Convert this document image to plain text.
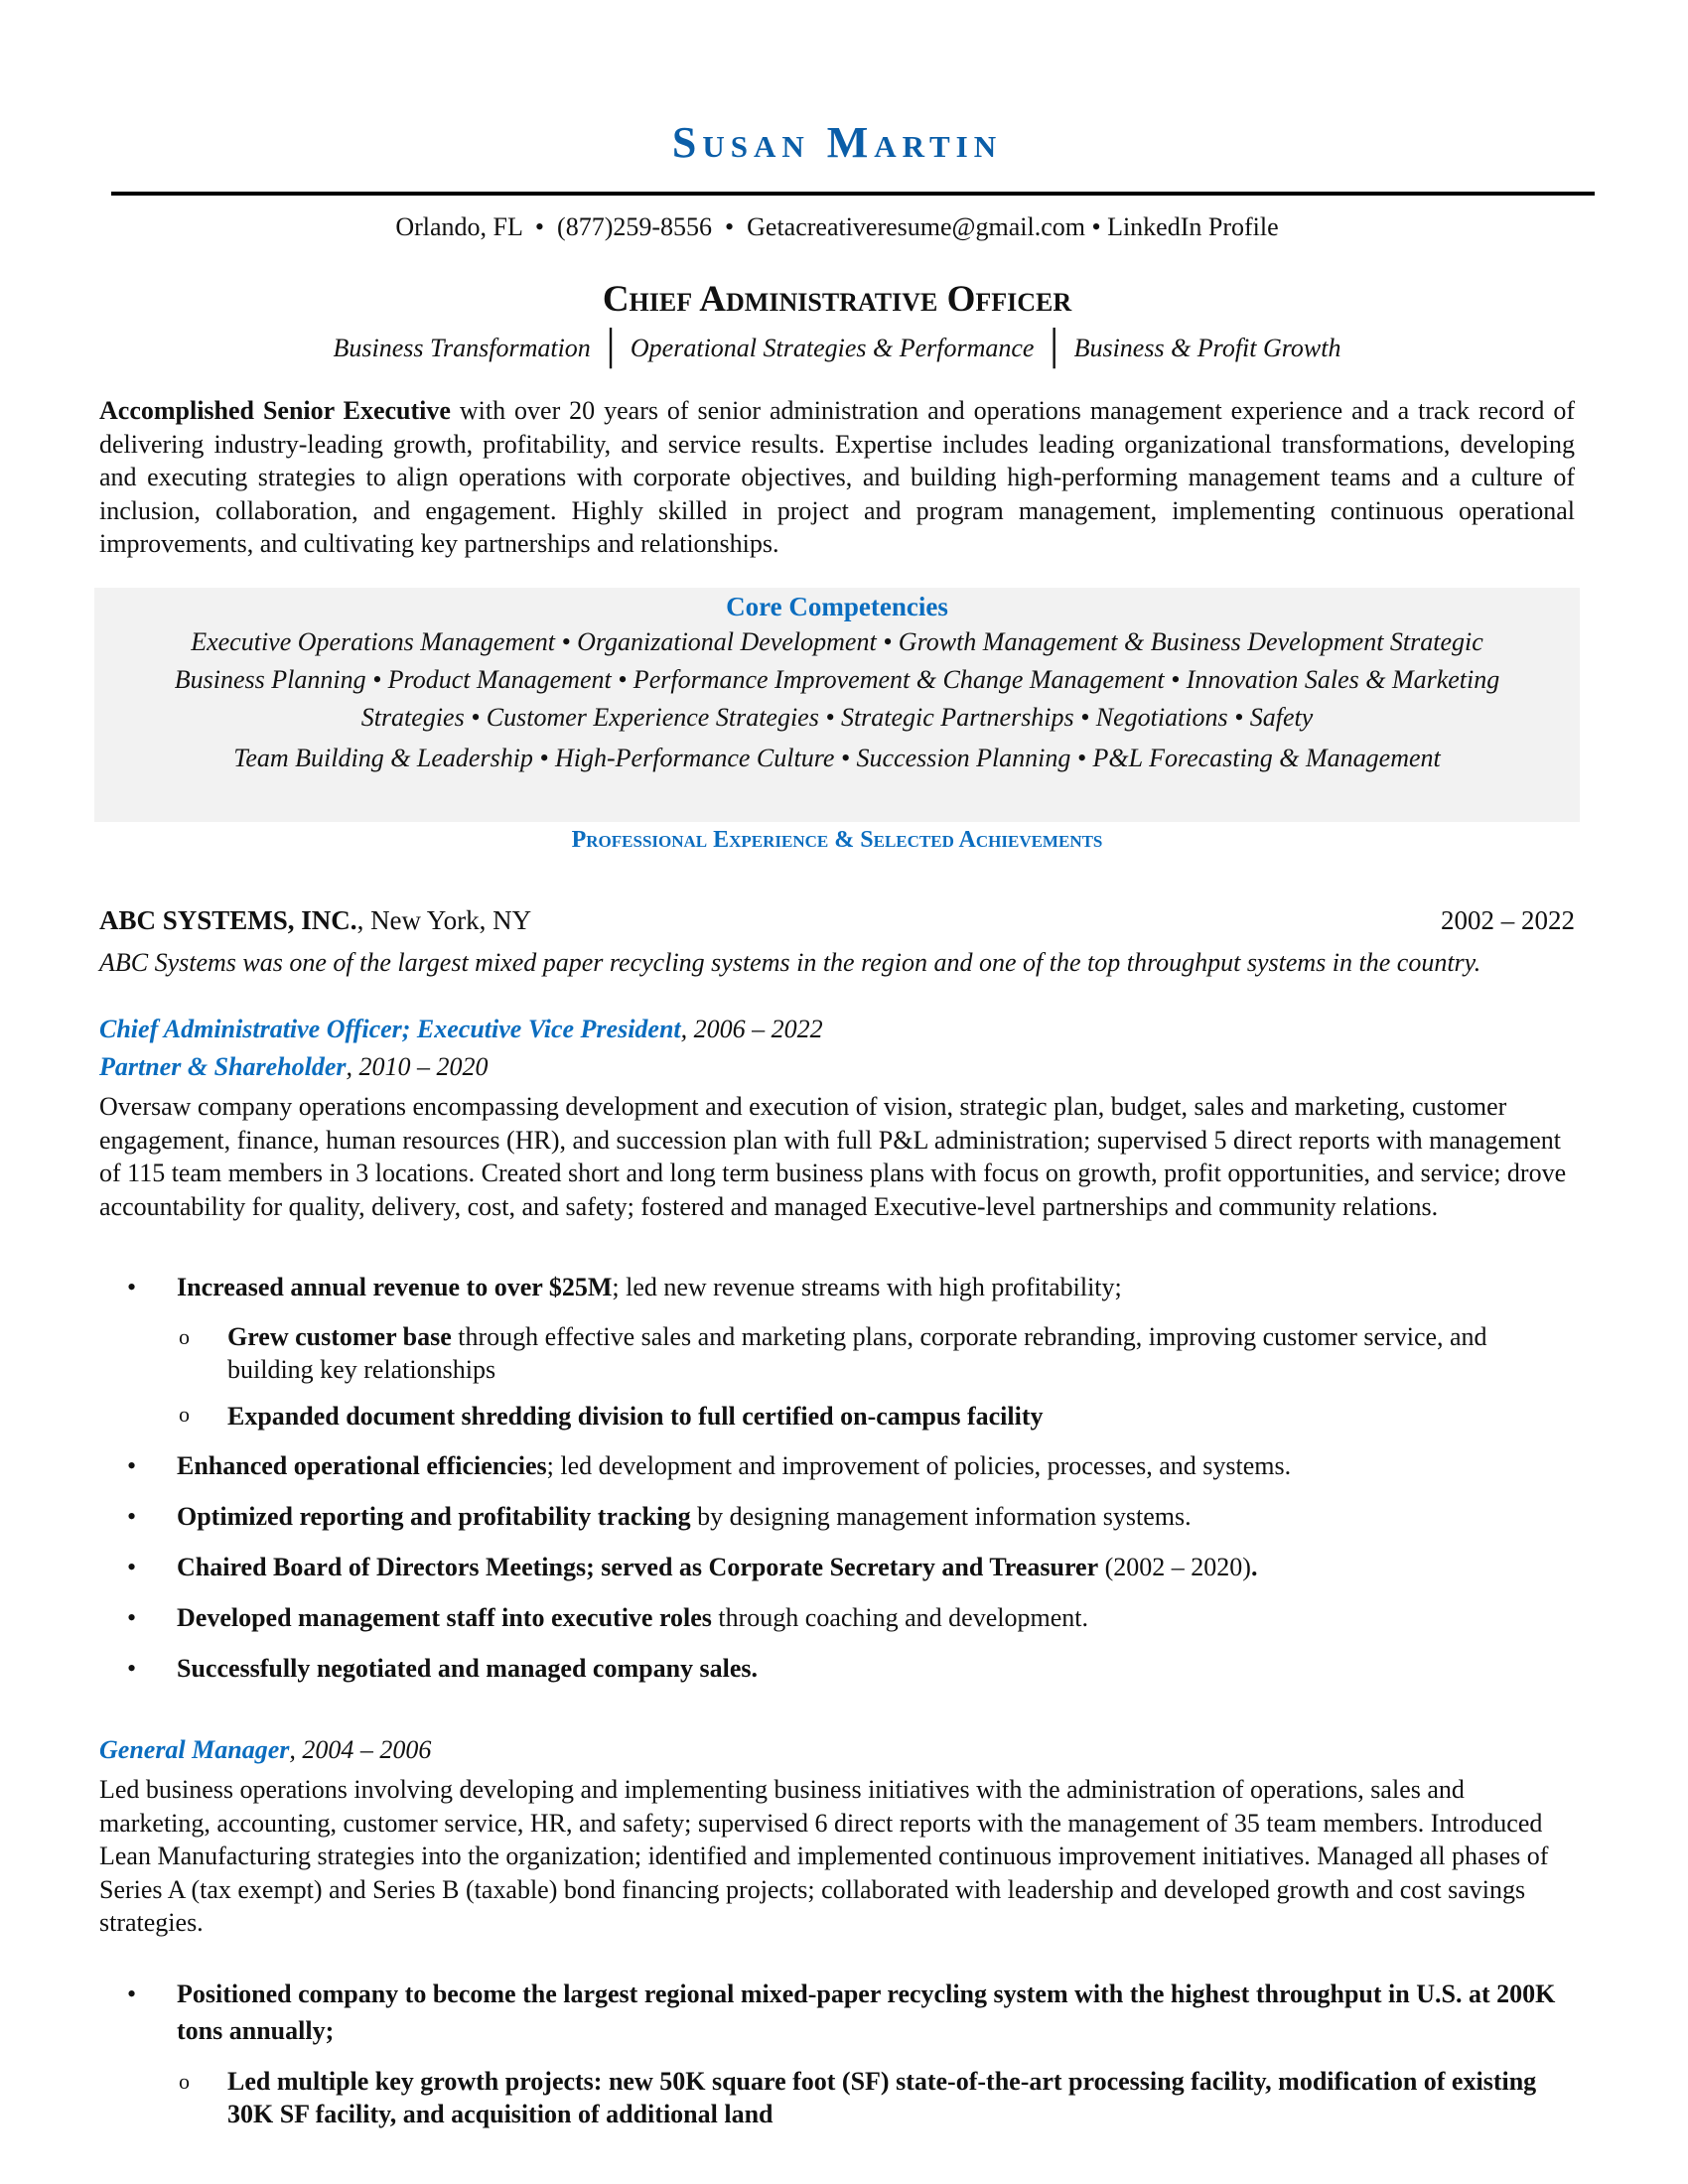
Susan Martin
Orlando, FL • (877)259-8556 • Getacreativeresume@gmail.com • LinkedIn Profile
Chief Administrative Officer
Business Transformation │ Operational Strategies & Performance │ Business & Profit Growth
Accomplished Senior Executive with over 20 years of senior administration and operations management experience and a track record of delivering industry-leading growth, profitability, and service results. Expertise includes leading organizational transformations, developing and executing strategies to align operations with corporate objectives, and building high-performing management teams and a culture of inclusion, collaboration, and engagement. Highly skilled in project and program management, implementing continuous operational improvements, and cultivating key partnerships and relationships.
Core Competencies
Executive Operations Management • Organizational Development • Growth Management & Business Development Strategic
Business Planning • Product Management • Performance Improvement & Change Management • Innovation Sales & Marketing
Strategies • Customer Experience Strategies • Strategic Partnerships • Negotiations • Safety
Team Building & Leadership • High-Performance Culture • Succession Planning • P&L Forecasting & Management
Professional Experience & Selected Achievements
ABC SYSTEMS, INC., New York, NY	2002 – 2022
ABC Systems was one of the largest mixed paper recycling systems in the region and one of the top throughput systems in the country.
Chief Administrative Officer; Executive Vice President, 2006 – 2022
Partner & Shareholder, 2010 – 2020
Oversaw company operations encompassing development and execution of vision, strategic plan, budget, sales and marketing, customer engagement, finance, human resources (HR), and succession plan with full P&L administration; supervised 5 direct reports with management of 115 team members in 3 locations. Created short and long term business plans with focus on growth, profit opportunities, and service; drove accountability for quality, delivery, cost, and safety; fostered and managed Executive-level partnerships and community relations.
• Increased annual revenue to over $25M; led new revenue streams with high profitability;
o Grew customer base through effective sales and marketing plans, corporate rebranding, improving customer service, and building key relationships
o Expanded document shredding division to full certified on-campus facility
• Enhanced operational efficiencies; led development and improvement of policies, processes, and systems.
• Optimized reporting and profitability tracking by designing management information systems.
• Chaired Board of Directors Meetings; served as Corporate Secretary and Treasurer (2002 – 2020).
• Developed management staff into executive roles through coaching and development.
• Successfully negotiated and managed company sales.
General Manager, 2004 – 2006
Led business operations involving developing and implementing business initiatives with the administration of operations, sales and marketing, accounting, customer service, HR, and safety; supervised 6 direct reports with the management of 35 team members. Introduced Lean Manufacturing strategies into the organization; identified and implemented continuous improvement initiatives. Managed all phases of Series A (tax exempt) and Series B (taxable) bond financing projects; collaborated with leadership and developed growth and cost savings strategies.
• Positioned company to become the largest regional mixed-paper recycling system with the highest throughput in U.S. at 200K tons annually;
o Led multiple key growth projects: new 50K square foot (SF) state-of-the-art processing facility, modification of existing 30K SF facility, and acquisition of additional land
